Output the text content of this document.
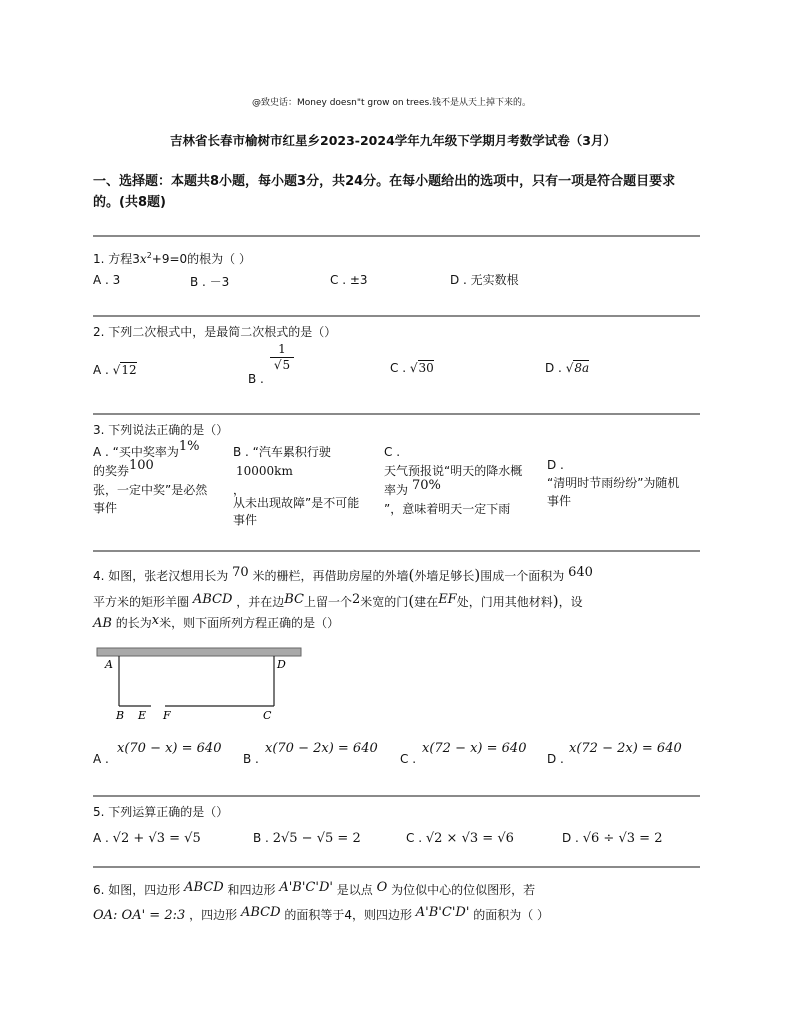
@致史话：Money doesn"t grow on trees.钱不是从天上掉下来的。
吉林省长春市榆树市红星乡2023-2024学年九年级下学期月考数学试卷（3月）
一、选择题：本题共8小题，每小题3分，共24分。在每小题给出的选项中，只有一项是符合题目要求
的。(共8题)
1. 方程$3x^2+9=0$的根为（ ）
A . 3	B . －3	C . ±3	D . 无实数根
2. 下列二次根式中，是最简二次根式的是（）
A . √12
B .
1
√5	C . √30	D . √8a
3. 下列说法正确的是（）
A . “买中奖率为1%
的奖券100
张，一定中奖”是必然
事件
B . “汽车累积行驶
10000km
，
从未出现故障”是不可能
事件
C .
天气预报说“明天的降水概
率为 70%
”，意味着明天一定下雨
D .
“清明时节雨纷纷”为随机
事件
4. 如图，张老汉想用长为 70 米的栅栏，再借助房屋的外墙(外墙足够长)围成一个面积为 640
平方米的矩形羊圈 ABCD ，并在边BC上留一个2米宽的门(建在EF处，门用其他材料)，设
AB 的长为x米，则下面所列方程正确的是（）
A	D
B E F	C
A .
x(70 − x) = 640
B .
x(70 − 2x) = 640
C .
x(72 − x) = 640
D .
x(72 − 2x) = 640
5. 下列运算正确的是（）
A . √2 + √3 = √5	B . 2√5 − √5 = 2	C . √2 × √3 = √6	D . √6 ÷ √3 = 2
6. 如图，四边形 ABCD 和四边形 A'B'C'D' 是以点 O 为位似中心的位似图形，若
OA: OA' = 2:3 ，四边形 ABCD 的面积等于4，则四边形 A'B'C'D' 的面积为（ ）
